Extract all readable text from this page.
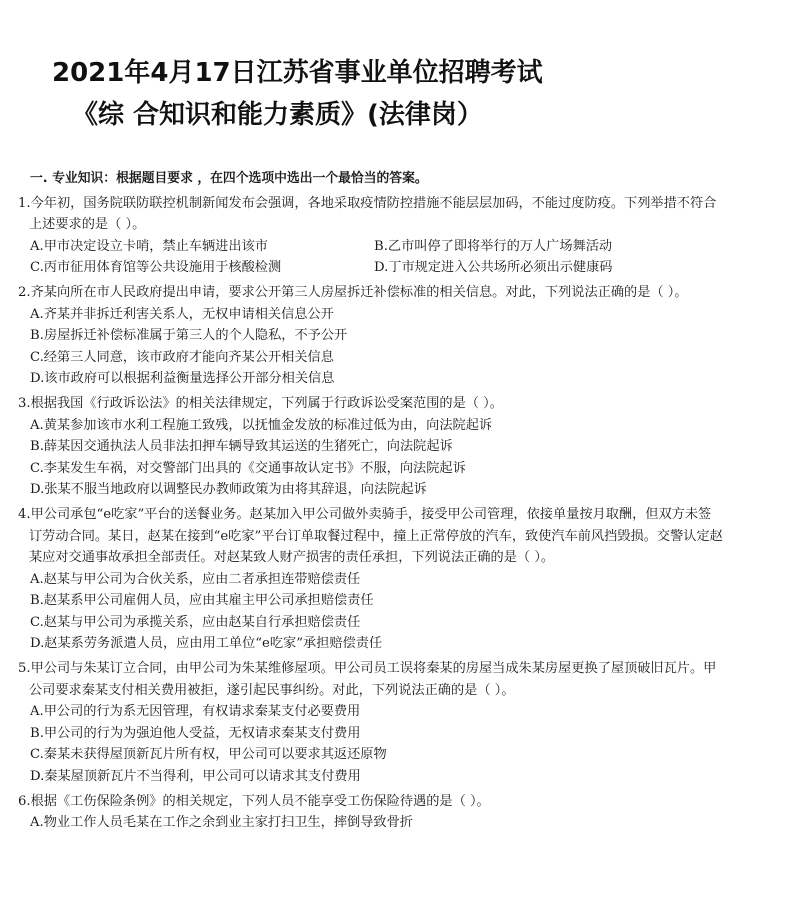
2021年4月17日江苏省事业单位招聘考试
《综 合知识和能力素质》(法律岗）
一. 专业知识：根据题目要求 ，在四个选项中选出一个最恰当的答案。
1.今年初，国务院联防联控机制新闻发布会强调，各地采取疫情防控措施不能层层加码，不能过度防疫。下列举措不符合上述要求的是（ ）。
A.甲市决定设立卡哨，禁止车辆进出该市	B.乙市叫停了即将举行的万人广场舞活动
C.丙市征用体育馆等公共设施用于核酸检测	D.丁市规定进入公共场所必须出示健康码
2.齐某向所在市人民政府提出申请，要求公开第三人房屋拆迁补偿标准的相关信息。对此，下列说法正确的是（ ）。
A.齐某并非拆迁利害关系人，无权申请相关信息公开
B.房屋拆迁补偿标准属于第三人的个人隐私，不予公开
C.经第三人同意，该市政府才能向齐某公开相关信息
D.该市政府可以根据利益衡量选择公开部分相关信息
3.根据我国《行政诉讼法》的相关法律规定，下列属于行政诉讼受案范围的是（ ）。
A.黄某参加该市水利工程施工致残，以抚恤金发放的标准过低为由，向法院起诉
B.薛某因交通执法人员非法扣押车辆导致其运送的生猪死亡，向法院起诉
C.李某发生车祸，对交警部门出具的《交通事故认定书》不服，向法院起诉
D.张某不服当地政府以调整民办教师政策为由将其辞退，向法院起诉
4.甲公司承包“e吃家”平台的送餐业务。赵某加入甲公司做外卖骑手，接受甲公司管理，依接单量按月取酬，但双方未签订劳动合同。某日，赵某在接到“e吃家”平台订单取餐过程中，撞上正常停放的汽车，致使汽车前风挡毁损。交警认定赵某应对交通事故承担全部责任。对赵某致人财产损害的责任承担，下列说法正确的是（ ）。
A.赵某与甲公司为合伙关系，应由二者承担连带赔偿责任
B.赵某系甲公司雇佣人员，应由其雇主甲公司承担赔偿责任
C.赵某与甲公司为承揽关系，应由赵某自行承担赔偿责任
D.赵某系劳务派遣人员，应由用工单位“e吃家”承担赔偿责任
5.甲公司与朱某订立合同，由甲公司为朱某维修屋项。甲公司员工误将秦某的房屋当成朱某房屋更换了屋顶破旧瓦片。甲公司要求秦某支付相关费用被拒，遂引起民事纠纷。对此，下列说法正确的是（ ）。
A.甲公司的行为系无因管理，有权请求秦某支付必要费用
B.甲公司的行为为强迫他人受益，无权请求秦某支付费用
C.秦某未获得屋顶新瓦片所有权，甲公司可以要求其返还原物
D.秦某屋顶新瓦片不当得利，甲公司可以请求其支付费用
6.根据《工伤保险条例》的相关规定，下列人员不能享受工伤保险待遇的是（ ）。
A.物业工作人员毛某在工作之余到业主家打扫卫生，摔倒导致骨折
